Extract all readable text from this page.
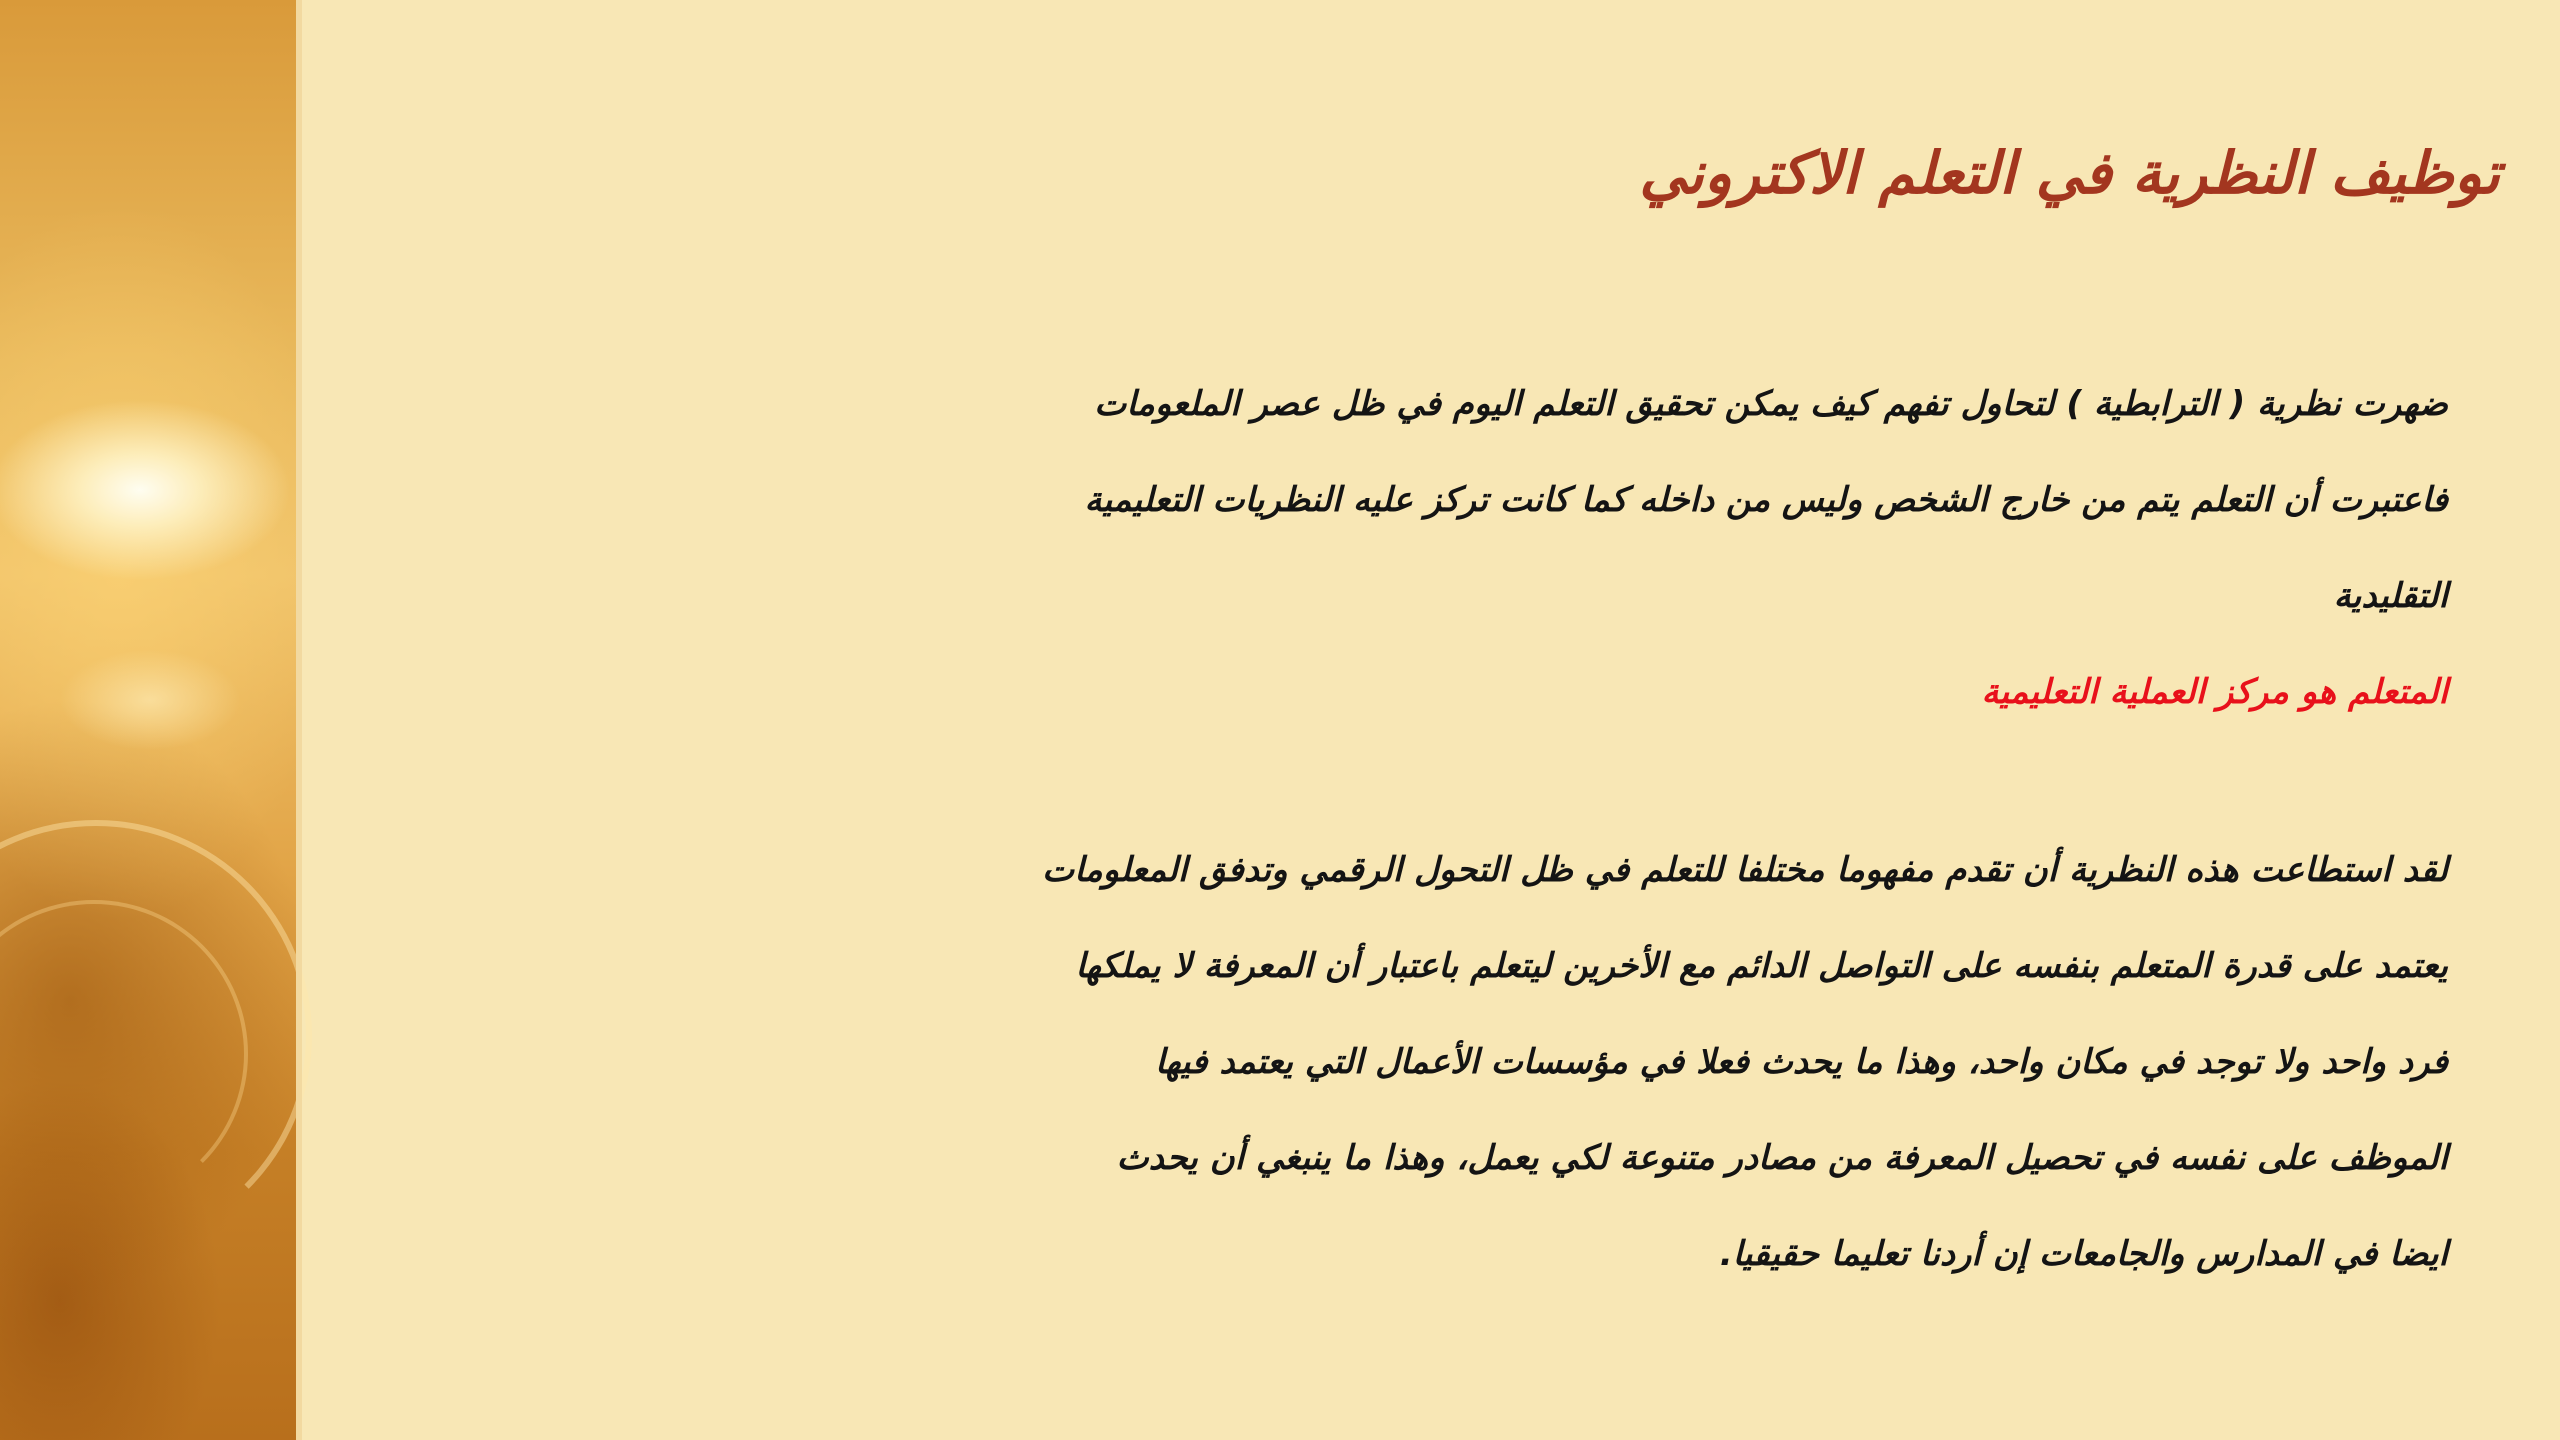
توظيف النظرية في التعلم الاكتروني

ضهرت نظرية ( الترابطية ) لتحاول تفهم كيف يمكن تحقيق التعلم اليوم في ظل عصر الملعومات

فاعتبرت أن التعلم يتم من خارج الشخص وليس من داخله كما كانت تركز عليه النظريات التعليمية

التقليدية

المتعلم هو مركز العملية التعليمية

لقد استطاعت هذه النظرية أن تقدم مفهوما مختلفا للتعلم في ظل التحول الرقمي وتدفق المعلومات

يعتمد على قدرة المتعلم بنفسه على التواصل الدائم مع الأخرين ليتعلم باعتبار أن المعرفة لا يملكها

فرد واحد ولا توجد في مكان واحد، وهذا ما يحدث فعلا في مؤسسات الأعمال التي يعتمد فيها

الموظف على نفسه في تحصيل المعرفة من مصادر متنوعة لكي يعمل، وهذا ما ينبغي أن يحدث

ايضا في المدارس والجامعات إن أردنا تعليما حقيقيا.
